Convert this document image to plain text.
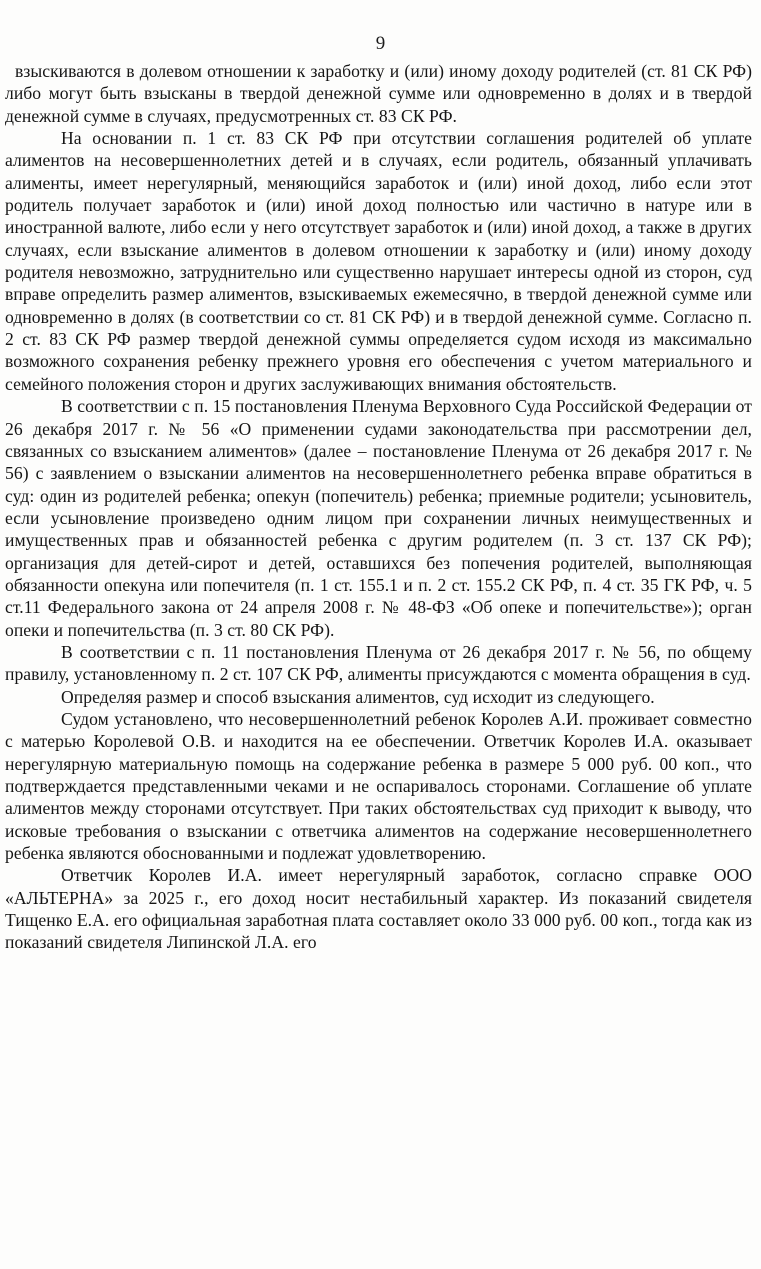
9

взыскиваются в долевом отношении к заработку и (или) иному доходу родителей (ст. 81 СК РФ) либо могут быть взысканы в твердой денежной сумме или одновременно в долях и в твердой денежной сумме в случаях, предусмотренных ст. 83 СК РФ.

На основании п. 1 ст. 83 СК РФ при отсутствии соглашения родителей об уплате алиментов на несовершеннолетних детей и в случаях, если родитель, обязанный уплачивать алименты, имеет нерегулярный, меняющийся заработок и (или) иной доход, либо если этот родитель получает заработок и (или) иной доход полностью или частично в натуре или в иностранной валюте, либо если у него отсутствует заработок и (или) иной доход, а также в других случаях, если взыскание алиментов в долевом отношении к заработку и (или) иному доходу родителя невозможно, затруднительно или существенно нарушает интересы одной из сторон, суд вправе определить размер алиментов, взыскиваемых ежемесячно, в твердой денежной сумме или одновременно в долях (в соответствии со ст. 81 СК РФ) и в твердой денежной сумме. Согласно п. 2 ст. 83 СК РФ размер твердой денежной суммы определяется судом исходя из максимально возможного сохранения ребенку прежнего уровня его обеспечения с учетом материального и семейного положения сторон и других заслуживающих внимания обстоятельств.

В соответствии с п. 15 постановления Пленума Верховного Суда Российской Федерации от 26 декабря 2017 г. № 56 «О применении судами законодательства при рассмотрении дел, связанных со взысканием алиментов» (далее – постановление Пленума от 26 декабря 2017 г. № 56) с заявлением о взыскании алиментов на несовершеннолетнего ребенка вправе обратиться в суд: один из родителей ребенка; опекун (попечитель) ребенка; приемные родители; усыновитель, если усыновление произведено одним лицом при сохранении личных неимущественных и имущественных прав и обязанностей ребенка с другим родителем (п. 3 ст. 137 СК РФ); организация для детей-сирот и детей, оставшихся без попечения родителей, выполняющая обязанности опекуна или попечителя (п. 1 ст. 155.1 и п. 2 ст. 155.2 СК РФ, п. 4 ст. 35 ГК РФ, ч. 5 ст.11 Федерального закона от 24 апреля 2008 г. № 48-ФЗ «Об опеке и попечительстве»); орган опеки и попечительства (п. 3 ст. 80 СК РФ).

В соответствии с п. 11 постановления Пленума от 26 декабря 2017 г. № 56, по общему правилу, установленному п. 2 ст. 107 СК РФ, алименты присуждаются с момента обращения в суд.

Определяя размер и способ взыскания алиментов, суд исходит из следующего.

Судом установлено, что несовершеннолетний ребенок Королев А.И. проживает совместно с матерью Королевой О.В. и находится на ее обеспечении. Ответчик Королев И.А. оказывает нерегулярную материальную помощь на содержание ребенка в размере 5 000 руб. 00 коп., что подтверждается представленными чеками и не оспаривалось сторонами. Соглашение об уплате алиментов между сторонами отсутствует. При таких обстоятельствах суд приходит к выводу, что исковые требования о взыскании с ответчика алиментов на содержание несовершеннолетнего ребенка являются обоснованными и подлежат удовлетворению.

Ответчик Королев И.А. имеет нерегулярный заработок, согласно справке ООО «АЛЬТЕРНА» за 2025 г., его доход носит нестабильный характер. Из показаний свидетеля Тищенко Е.А. его официальная заработная плата составляет около 33 000 руб. 00 коп., тогда как из показаний свидетеля Липинской Л.А. его
